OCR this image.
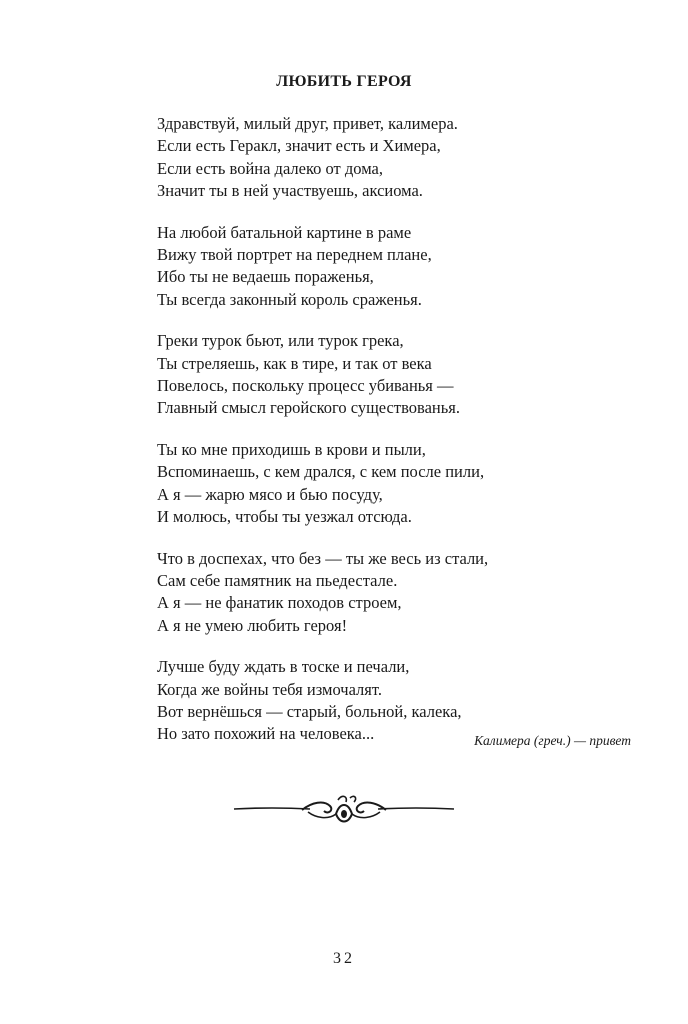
ЛЮБИТЬ ГЕРОЯ
Здравствуй, милый друг, привет, калимера.
Если есть Геракл, значит есть и Химера,
Если есть война далеко от дома,
Значит ты в ней участвуешь, аксиома.
На любой батальной картине в раме
Вижу твой портрет на переднем плане,
Ибо ты не ведаешь пораженья,
Ты всегда законный король сраженья.
Греки турок бьют, или турок грека,
Ты стреляешь, как в тире, и так от века
Повелось, поскольку процесс убиванья —
Главный смысл геройского существованья.
Ты ко мне приходишь в крови и пыли,
Вспоминаешь, с кем дрался, с кем после пили,
А я — жарю мясо и бью посуду,
И молюсь, чтобы ты уезжал отсюда.
Что в доспехах, что без — ты же весь из стали,
Сам себе памятник на пьедестале.
А я — не фанатик походов строем,
А я не умею любить героя!
Лучше буду ждать в тоске и печали,
Когда же войны тебя измочалят.
Вот вернёшься — старый, больной, калека,
Но зато похожий на человека...	Калимера (греч.) — привет
32
